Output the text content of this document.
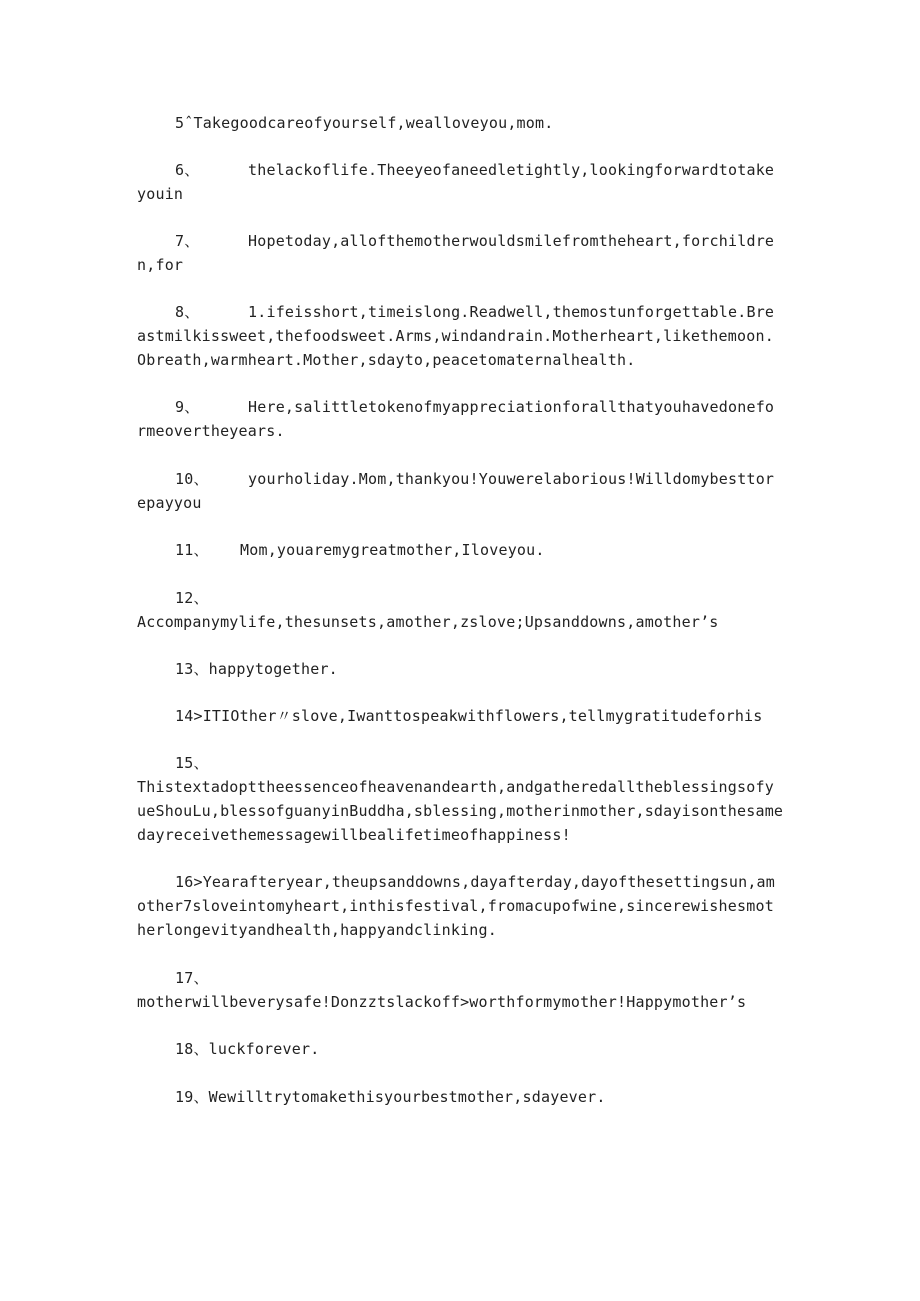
5ˆTakegoodcareofyourself,wealloveyou,mom.
6、	thelackoflife.Theeyeofaneedletightly,lookingforwardtotake
youin
7、	Hopetoday,allofthemotherwouldsmilefromtheheart,forchildre
n,for
8、	1.ifeisshort,timeislong.Readwell,themostunforgettable.Bre
astmilkissweet,thefoodsweet.Arms,windandrain.Motherheart,likethemoon.
Obreath,warmheart.Mother,sdayto,peacetomaternalhealth.
9、	Here,salittletokenofmyappreciationforallthatyouhavedonefo
rmeovertheyears.
10、	yourholiday.Mom,thankyou!Youwerelaborious!Willdomybesttor
epayyou
11、 Mom,youaremygreatmother,Iloveyou.
12、
Accompanymylife,thesunsets,amother,zslove;Upsanddowns,amother’s
13、happytogether.
14>ITIOther〃slove,Iwanttospeakwithflowers,tellmygratitudeforhis
15、
Thistextadopttheessenceofheavenandearth,andgatheredalltheblessingsofy
ueShouLu,blessofguanyinBuddha,sblessing,motherinmother,sdayisonthesame
dayreceivethemessagewillbealifetimeofhappiness!
16>Yearafteryear,theupsanddowns,dayafterday,dayofthesettingsun,am
other7sloveintomyheart,inthisfestival,fromacupofwine,sincerewishesmot
herlongevityandhealth,happyandclinking.
17、
motherwillbeverysafe!Donzztslackoff>worthformymother!Happymother’s
18、luckforever.
19、Wewilltrytomakethisyourbestmother,sdayever.
